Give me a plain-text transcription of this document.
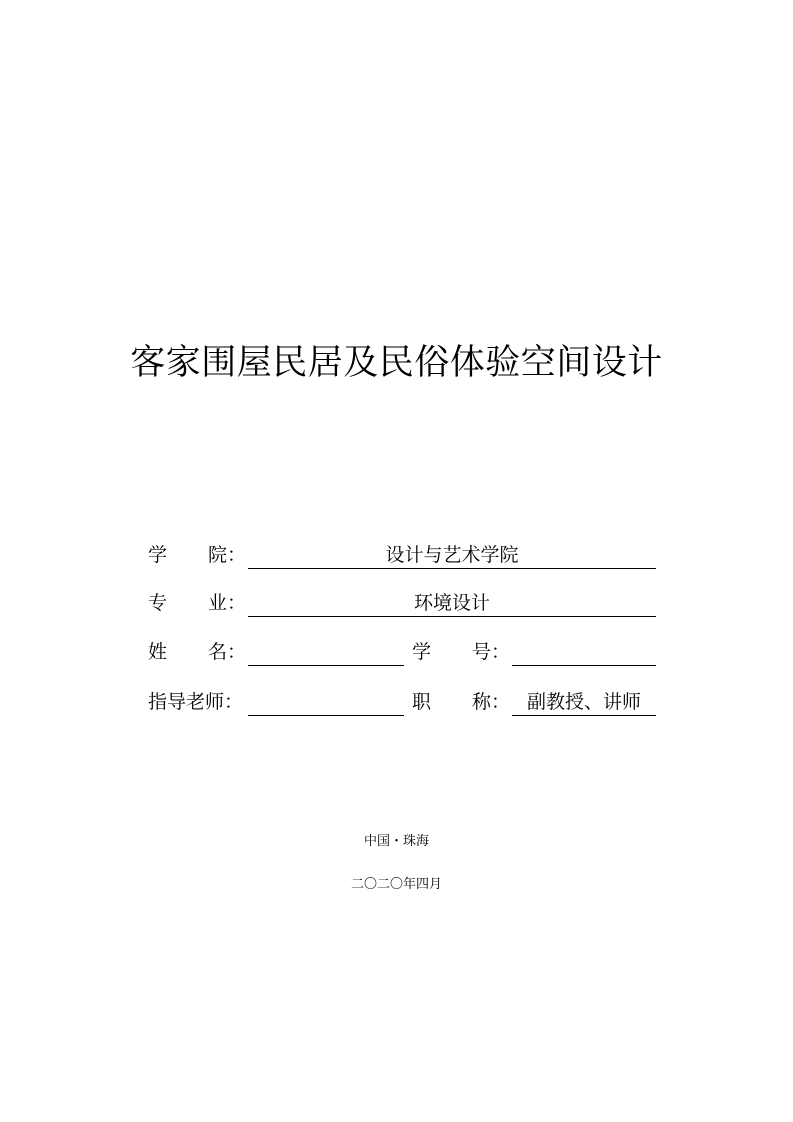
客家围屋民居及民俗体验空间设计
学 院：	设计与艺术学院
专 业：	环境设计
姓 名：	学 号：
指导老师：	职 称： 副教授、讲师
中国・珠海
二〇二〇年四月
